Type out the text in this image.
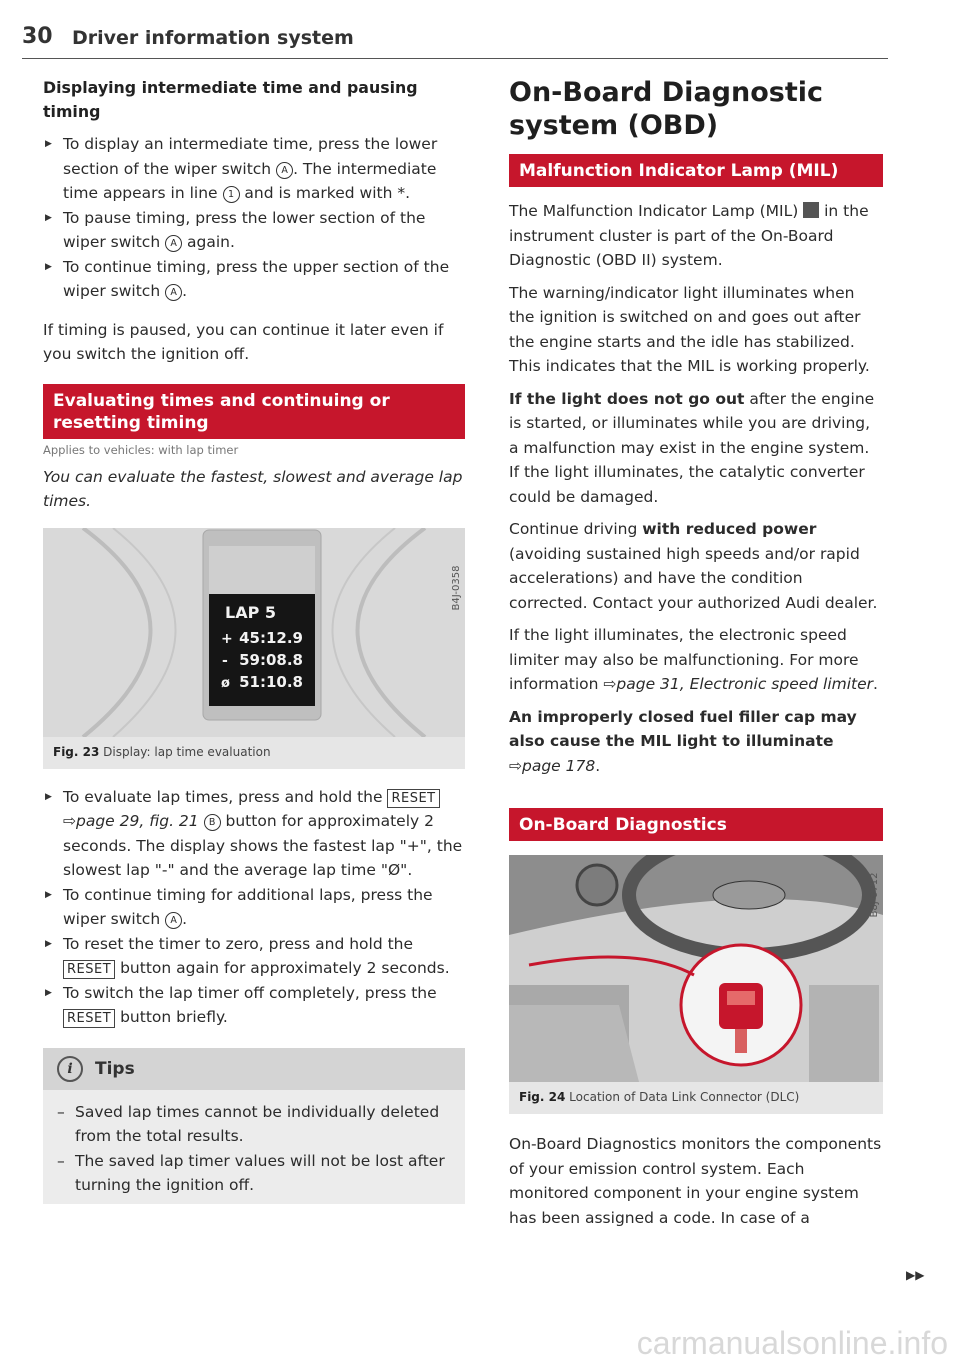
30 Driver information system
Displaying intermediate time and pausing timing
▶ To display an intermediate time, press the lower section of the wiper switch A . The intermediate time appears in line 1 and is marked with *.
▶ To pause timing, press the lower section of the wiper switch A again.
▶ To continue timing, press the upper section of the wiper switch A .

If timing is paused, you can continue it later even if you switch the ignition off.

Evaluating times and continuing or resetting timing
Applies to vehicles: with lap timer

You can evaluate the fastest, slowest and average lap times.

B4J-0358
LAP 5
+ 45:12.9
- 59:08.8
ø 51:10.8
Fig. 23 Display: lap time evaluation
▶ To evaluate lap times, press and hold the RESET ⇨page 29, fig. 21 B button for approximately 2 seconds. The display shows the fastest lap "+", the slowest lap "-" and the average lap time "Ø".
▶ To continue timing for additional laps, press the wiper switch A .
▶ To reset the timer to zero, press and hold the RESET button again for approximately 2 seconds.
▶ To switch the lap timer off completely, press the RESET button briefly.
i	Tips

– Saved lap times cannot be individually deleted from the total results.

– The saved lap timer values will not be lost after turning the ignition off.

On-Board Diagnostic system (OBD)
Malfunction Indicator Lamp (MIL)

The Malfunction Indicator Lamp (MIL)  in the instrument cluster is part of the On-Board Diagnostic (OBD II) system.

The warning/indicator light illuminates when the ignition is switched on and goes out after the engine starts and the idle has stabilized. This indicates that the MIL is working properly.

If the light does not go out after the engine is started, or illuminates while you are driving, a malfunction may exist in the engine system. If the light illuminates, the catalytic converter could be damaged.

Continue driving with reduced power (avoiding sustained high speeds and/or rapid accelerations) and have the condition corrected. Contact your authorized Audi dealer.

If the light illuminates, the electronic speed limiter may also be malfunctioning. For more information ⇨page 31, Electronic speed limiter.

An improperly closed fuel filler cap may also cause the MIL light to illuminate
⇨page 178.

On-Board Diagnostics
B8J-0712
Fig. 24 Location of Data Link Connector (DLC)

On-Board Diagnostics monitors the components of your emission control system. Each monitored component in your engine system has been assigned a code. In case of a

▶▶
carmanualsonline.info
